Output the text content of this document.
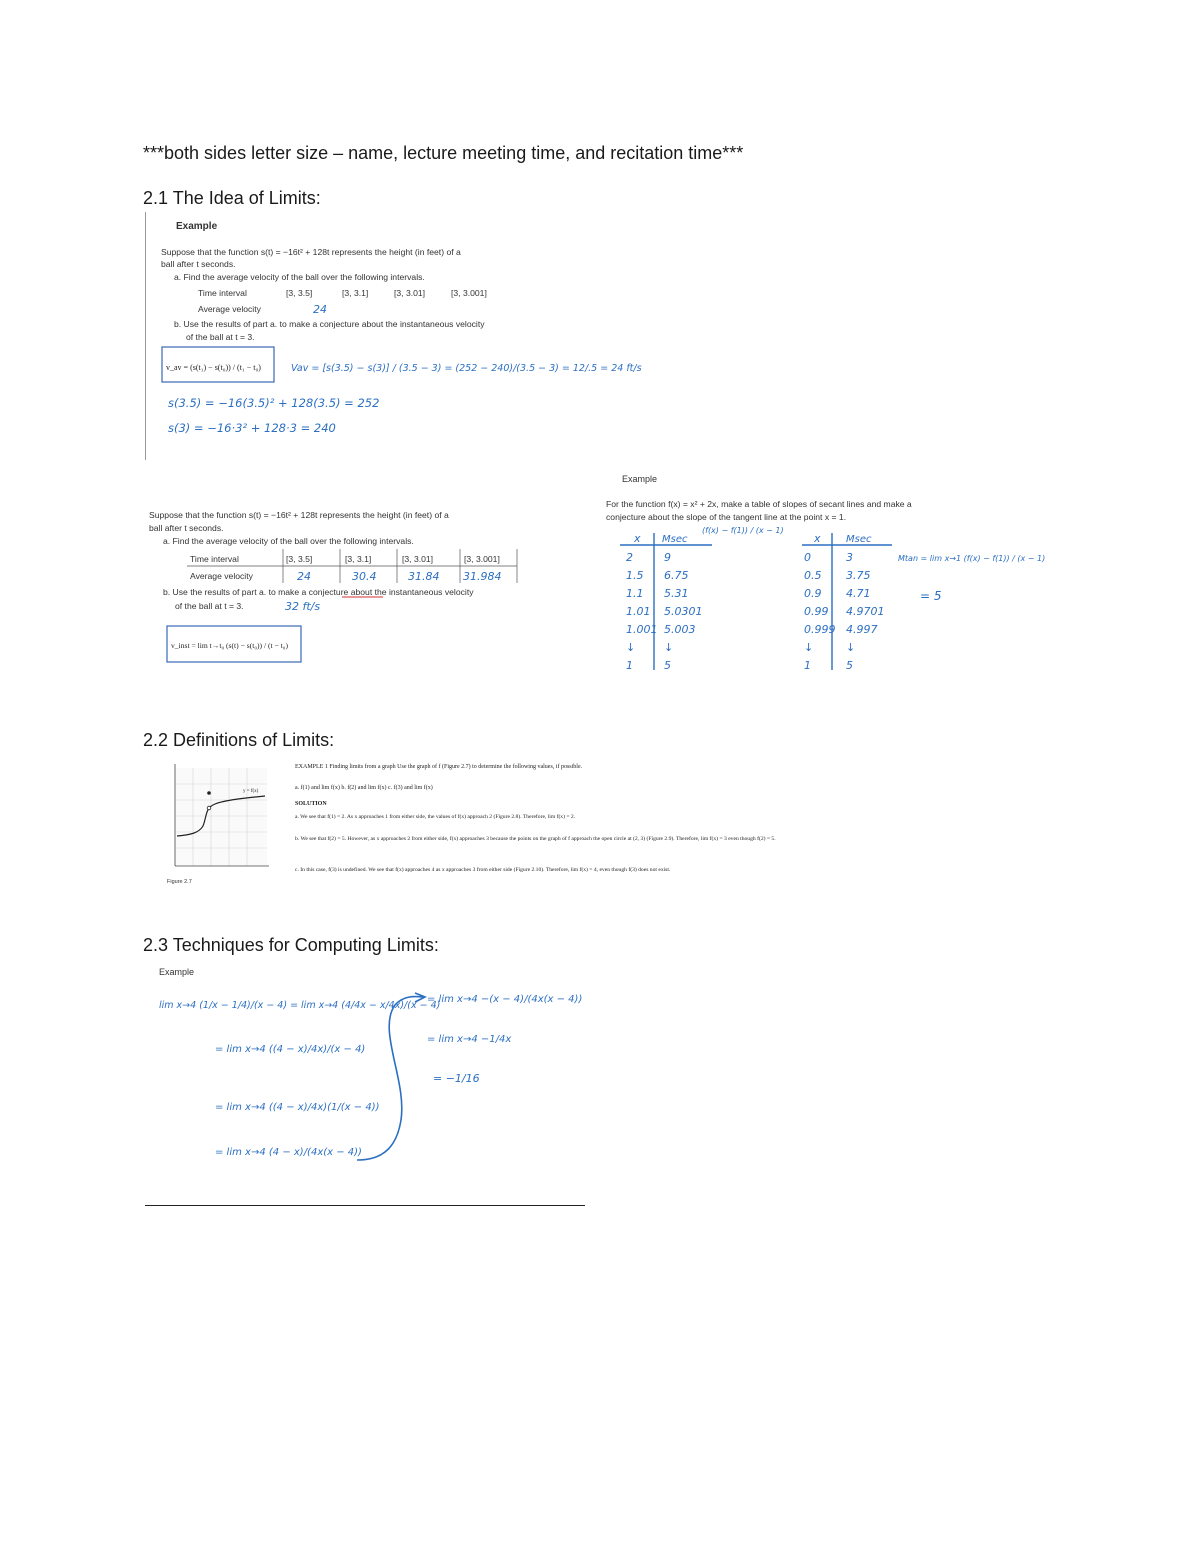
***both sides letter size – name, lecture meeting time, and recitation time***
2.1 The Idea of Limits:
2.2 Definitions of Limits:
2.3 Techniques for Computing Limits:
Example
Suppose that the function s(t) = −16t² + 128t represents the height (in feet) of a
ball after t seconds.
a. Find the average velocity of the ball over the following intervals.
Time interval	[3, 3.5]	[3, 3.1]	[3, 3.01]	[3, 3.001]
Average velocity	24
b. Use the results of part a. to make a conjecture about the instantaneous velocity
of the ball at t = 3.
v_av = (s(t₁) − s(t₀)) / (t₁ − t₀)	Vav = [s(3.5) − s(3)] / (3.5 − 3) = (252 − 240)/(3.5 − 3) = 12/.5 = 24 ft/s
s(3.5) = −16(3.5)² + 128(3.5) = 252
s(3) = −16·3² + 128·3 = 240
Suppose that the function s(t) = −16t² + 128t represents the height (in feet) of a
ball after t seconds.
a. Find the average velocity of the ball over the following intervals.
Time interval	[3, 3.5]	[3, 3.1]	[3, 3.01]	[3, 3.001]
Average velocity	24	30.4	31.84 31.984
b. Use the results of part a. to make a conjecture about the instantaneous velocity
of the ball at t = 3.	32 ft/s
v_inst = lim t→t₀ (s(t) − s(t₀)) / (t − t₀)
Example
For the function f(x) = x² + 2x, make a table of slopes of secant lines and make a
conjecture about the slope of the tangent line at the point x = 1.
(f(x) − f(1)) / (x − 1)
x Msec
2	9
1.5 6.75
1.1 5.31
1.01 5.0301
1.001 5.003
↓	↓
1	5
x	Msec
0	3
0.5 3.75
0.9 4.71
0.99 4.9701
0.999 4.997
↓	↓
1	5
Mtan = lim x→1 (f(x) − f(1)) / (x − 1)
= 5
y = f(x)
Figure 2.7
EXAMPLE 1 Finding limits from a graph Use the graph of f (Figure 2.7) to determine the following values, if possible.
a. f(1) and lim f(x) b. f(2) and lim f(x) c. f(3) and lim f(x)
SOLUTION
a. We see that f(1) = 2. As x approaches 1 from either side, the values of f(x) approach 2 (Figure 2.8). Therefore, lim f(x) = 2.
b. We see that f(2) = 5. However, as x approaches 2 from either side, f(x) approaches 3 because the points on the graph of f approach the open circle at (2, 3) (Figure 2.9). Therefore, lim f(x) = 3 even though f(2) = 5.
c. In this case, f(3) is undefined. We see that f(x) approaches 4 as x approaches 3 from either side (Figure 2.10). Therefore, lim f(x) = 4, even though f(3) does not exist.
Example
lim x→4 (1/x − 1/4)/(x − 4) = lim x→4 (4/4x − x/4x)/(x − 4)
= lim x→4 ((4 − x)/4x)/(x − 4)
= lim x→4 ((4 − x)/4x)(1/(x − 4))
= lim x→4 (4 − x)/(4x(x − 4))
= lim x→4 −(x − 4)/(4x(x − 4))
= lim x→4 −1/4x
= −1/16
